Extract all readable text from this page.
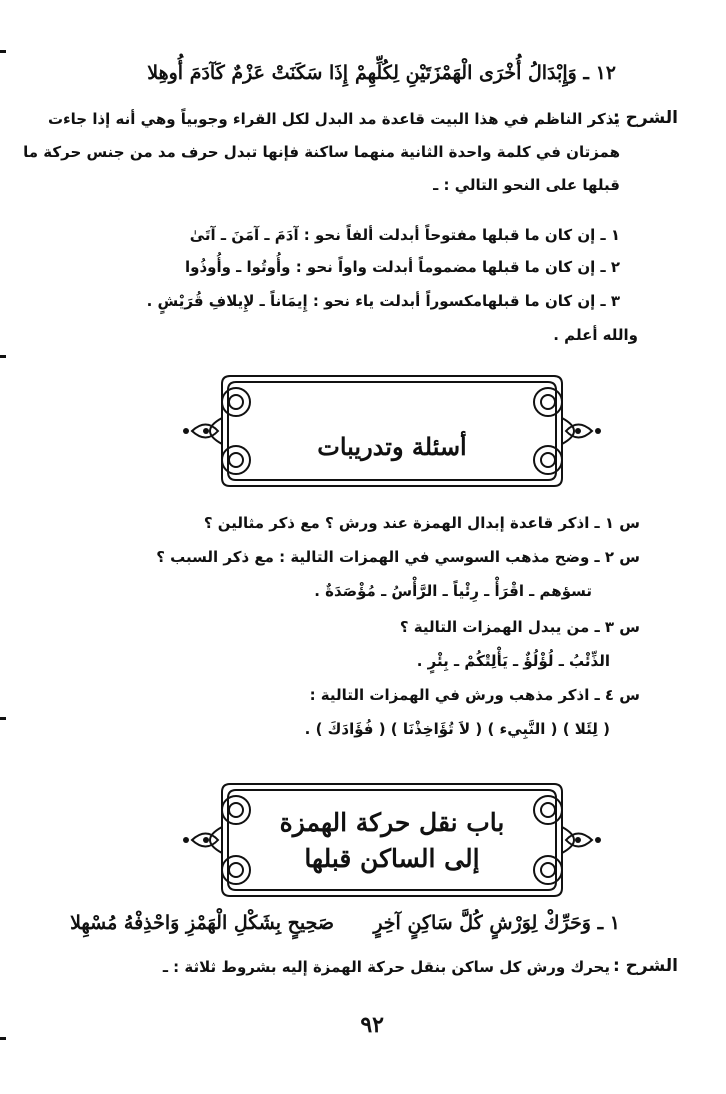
١٢ ـ وَإِبْدَالُ أُخْرَى الْهَمْزَتَيْنِ لِكُلِّهِمْ
إِذَا سَكَنَتْ عَزْمٌ كَآدَمَ أُوهِلا
الشرح :
يذكر الناظم في هذا البيت قاعدة مد البدل لكل القراء وجوبياً وهي أنه إذا جاءت
همزتان في كلمة واحدة الثانية منهما ساكنة فإنها تبدل حرف مد من جنس حركة ما
قبلها على النحو التالي : ـ
١ ـ إن كان ما قبلها مفتوحاً أبدلت ألفاً نحو : آدَمَ ـ آمَنَ ـ آتَىٰ
٢ ـ إن كان ما قبلها مضموماً أبدلت واواً نحو : وأُوتُوا ـ وأُوذُوا
٣ ـ إن كان ما قبلهامكسوراً أبدلت ياء نحو : إِيمَاناً ـ لإِيلافِ قُرَيْشٍ .
والله أعلم .
أسئلة وتدريبات
س ١ ـ اذكر قاعدة إبدال الهمزة عند ورش ؟ مع ذكر مثالين ؟
س ٢ ـ وضح مذهب السوسي في الهمزات التالية : مع ذكر السبب ؟
تسؤهم ـ اقْرَأْ ـ رِئْياً ـ الرَّأْسُ ـ مُؤْصَدَةٌ .
س ٣ ـ من يبدل الهمزات التالية ؟
الذِّئْبُ ـ لُؤْلُؤٌ ـ يَأْلِتْكُمْ ـ بِئْرٍ .
س ٤ ـ اذكر مذهب ورش في الهمزات التالية :
( لِئَلا ) ( النَّبِيء ) ( لاَ تُؤَاخِذْنَا ) ( فُؤَادَكَ ) .
باب نقل حركة الهمزة
إلى الساكن قبلها
١ ـ وَحَرِّكْ لِوَرْشٍ كُلَّ سَاكِنٍ آخِرٍ
صَحِيحٍ بِشَكْلِ الْهَمْزِ وَاحْذِفْهُ مُسْهِلا
الشرح :
يحرك ورش كل ساكن بنقل حركة الهمزة إليه بشروط ثلاثة : ـ
٩٢
